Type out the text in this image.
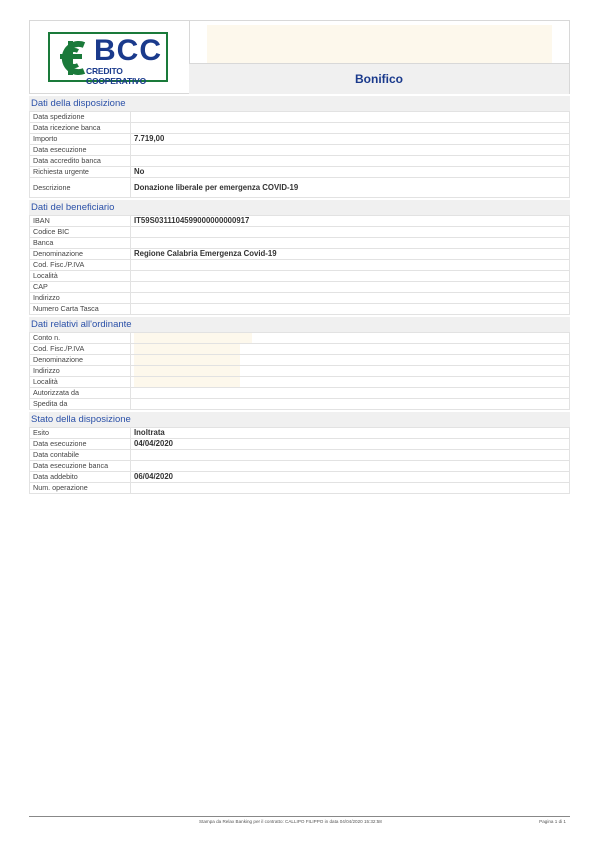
BCC
CREDITO COOPERATIVO	Bonifico
Dati della disposizione
Data spedizione	
Data ricezione banca	
Importo	7.719,00
Data esecuzione	
Data accredito banca	
Richiesta urgente	No
Descrizione	Donazione liberale per emergenza COVID-19
Dati del beneficiario
IBAN	IT59S0311104599000000000917
Codice BIC	
Banca	
Denominazione	Regione Calabria Emergenza Covid-19
Cod. Fisc./P.IVA	
Località	
CAP	
Indirizzo	
Numero Carta Tasca	
Dati relativi all'ordinante
Conto n.	

Cod. Fisc./P.IVA	

Denominazione	

Indirizzo	

Località	

Autorizzata da	
Spedita da	
Stato della disposizione
Esito	Inoltrata
Data esecuzione	04/04/2020
Data contabile	
Data esecuzione banca	
Data addebito	06/04/2020
Num. operazione	
Stampa da Relax Banking per il contratto: CALLIPO FILIPPO in data 04/04/2020 15:32:58	Pagina 1 di 1
